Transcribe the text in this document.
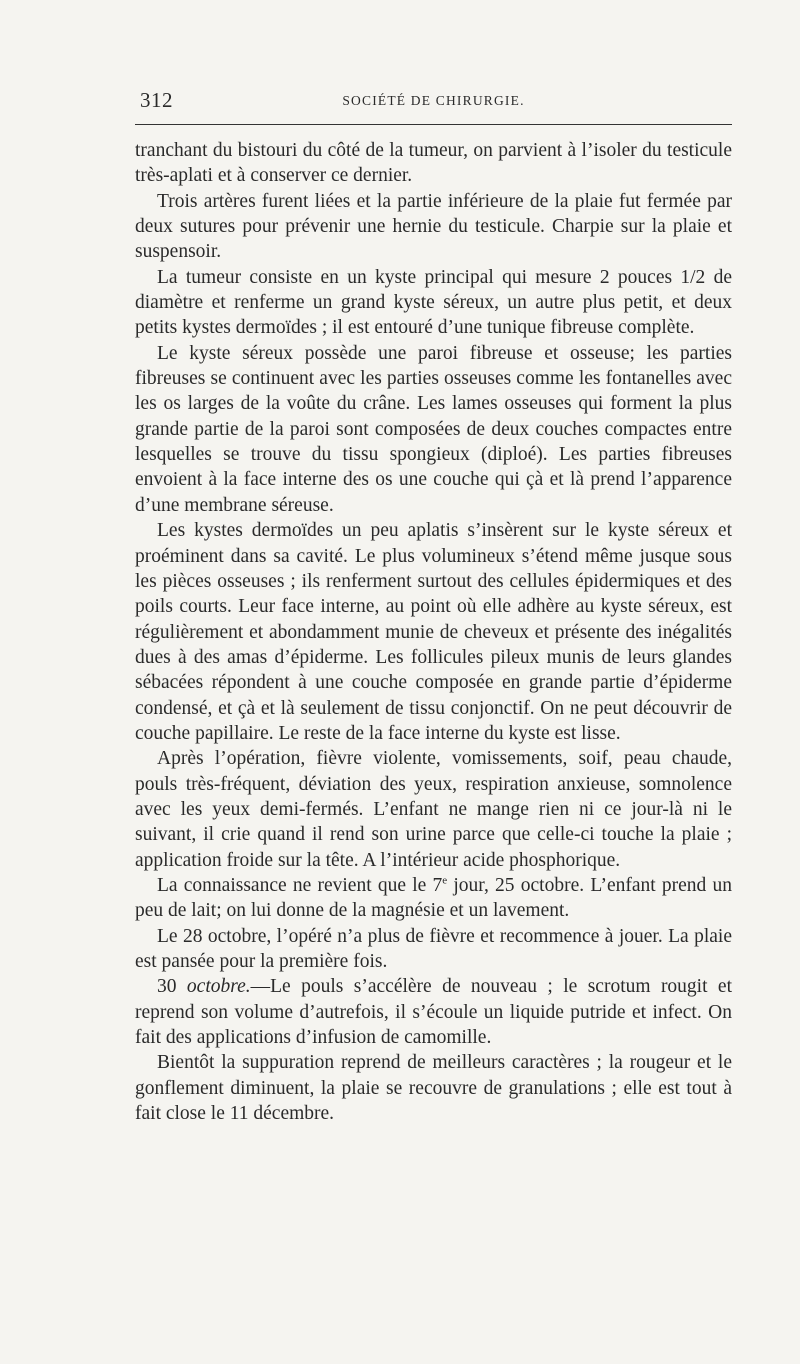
312	SOCIÉTÉ DE CHIRURGIE.

tranchant du bistouri du côté de la tumeur, on parvient à l’isoler du testicule très-aplati et à conserver ce dernier.

Trois artères furent liées et la partie inférieure de la plaie fut fermée par deux sutures pour prévenir une hernie du testicule. Charpie sur la plaie et suspensoir.

La tumeur consiste en un kyste principal qui mesure 2 pouces 1/2 de diamètre et renferme un grand kyste séreux, un autre plus petit, et deux petits kystes dermoïdes ; il est entouré d’une tunique fibreuse complète.

Le kyste séreux possède une paroi fibreuse et osseuse; les parties fibreuses se continuent avec les parties osseuses comme les fontanelles avec les os larges de la voûte du crâne. Les lames osseuses qui forment la plus grande partie de la paroi sont composées de deux couches compactes entre lesquelles se trouve du tissu spongieux (diploé). Les parties fibreuses envoient à la face interne des os une couche qui çà et là prend l’apparence d’une membrane séreuse.

Les kystes dermoïdes un peu aplatis s’insèrent sur le kyste séreux et proéminent dans sa cavité. Le plus volumineux s’étend même jusque sous les pièces osseuses ; ils renferment surtout des cellules épidermiques et des poils courts. Leur face interne, au point où elle adhère au kyste séreux, est régulièrement et abondamment munie de cheveux et présente des inégalités dues à des amas d’épiderme. Les follicules pileux munis de leurs glandes sébacées répondent à une couche composée en grande partie d’épiderme condensé, et çà et là seulement de tissu conjonctif. On ne peut découvrir de couche papillaire. Le reste de la face interne du kyste est lisse.

Après l’opération, fièvre violente, vomissements, soif, peau chaude, pouls très-fréquent, déviation des yeux, respiration anxieuse, somnolence avec les yeux demi-fermés. L’enfant ne mange rien ni ce jour-là ni le suivant, il crie quand il rend son urine parce que celle-ci touche la plaie ; application froide sur la tête. A l’intérieur acide phosphorique.

La connaissance ne revient que le 7e jour, 25 octobre. L’enfant prend un peu de lait; on lui donne de la magnésie et un lavement.

Le 28 octobre, l’opéré n’a plus de fièvre et recommence à jouer. La plaie est pansée pour la première fois.

30 octobre.—Le pouls s’accélère de nouveau ; le scrotum rougit et reprend son volume d’autrefois, il s’écoule un liquide putride et infect. On fait des applications d’infusion de camomille.

Bientôt la suppuration reprend de meilleurs caractères ; la rougeur et le gonflement diminuent, la plaie se recouvre de granulations ; elle est tout à fait close le 11 décembre.
